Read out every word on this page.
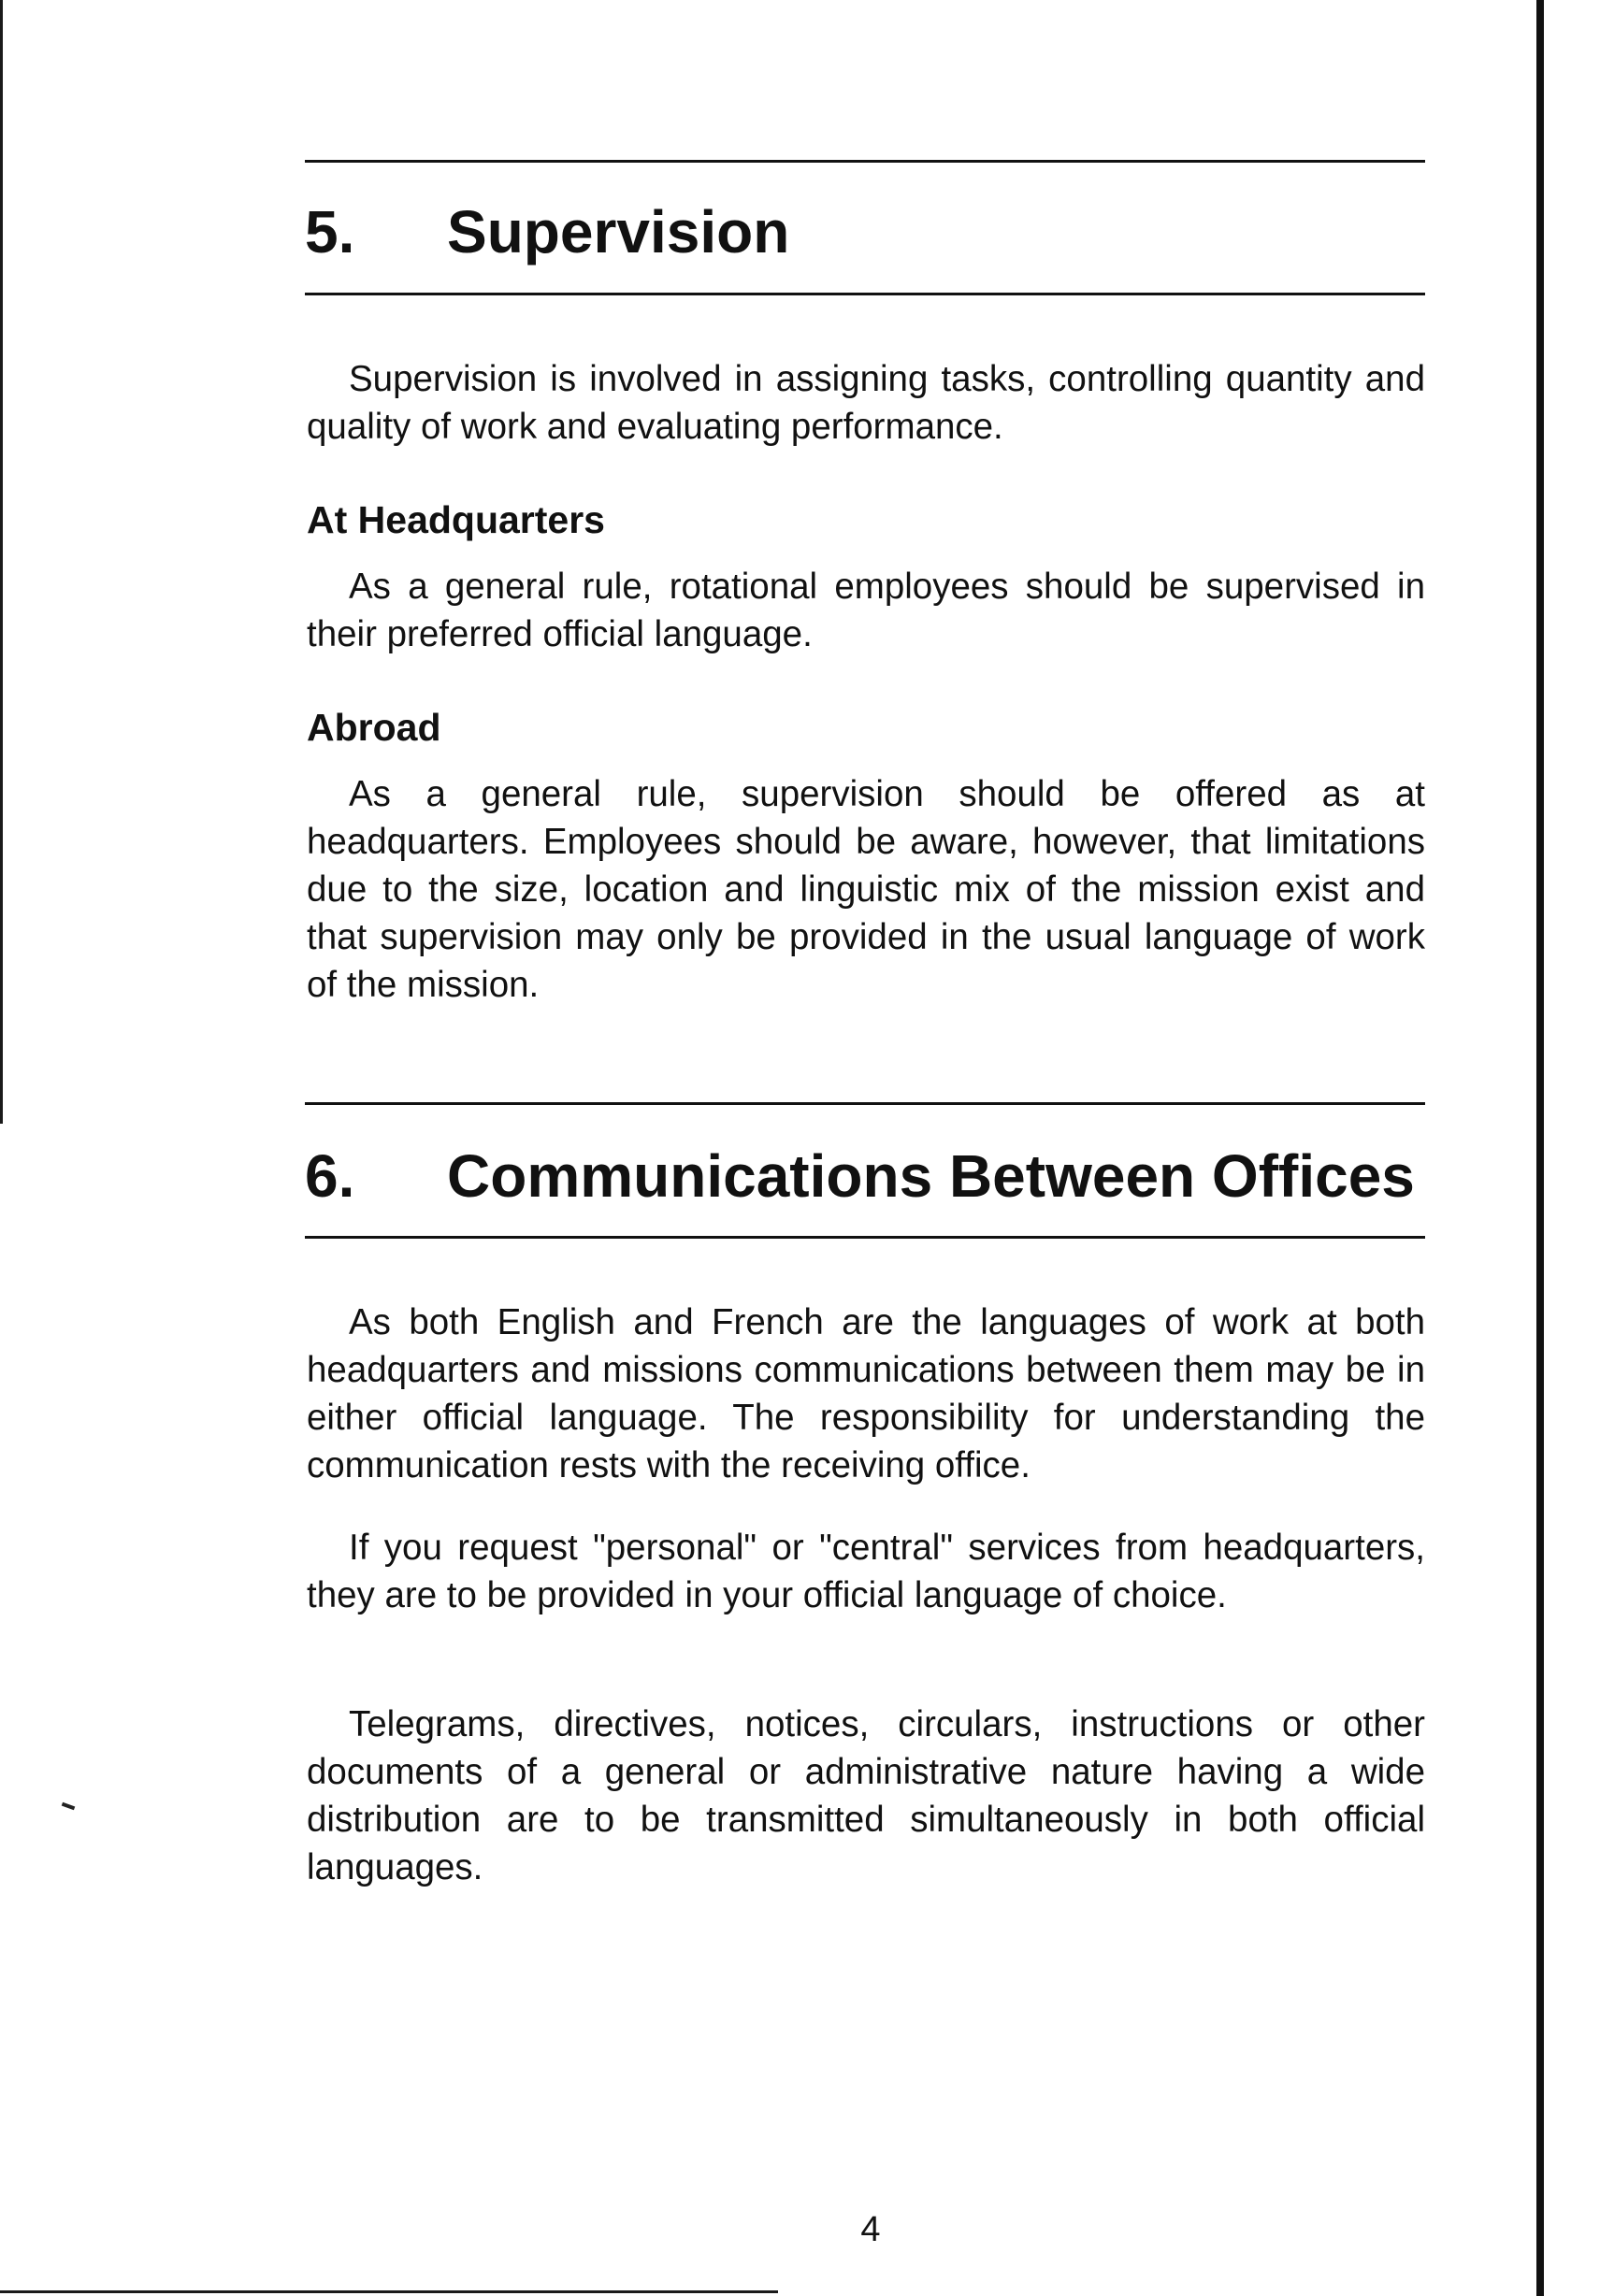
5. Supervision

Supervision is involved in assigning tasks, controlling quantity and quality of work and evaluating performance.

At Headquarters

As a general rule, rotational employees should be supervised in their preferred official language.

Abroad

As a general rule, supervision should be offered as at headquarters. Employees should be aware, however, that limitations due to the size, location and linguistic mix of the mission exist and that supervision may only be provided in the usual language of work of the mission.

6. Communications Between Offices

As both English and French are the languages of work at both headquarters and missions communications between them may be in either official language. The responsibility for understanding the communication rests with the receiving office.

If you request "personal" or "central" services from headquarters, they are to be provided in your official language of choice.

Telegrams, directives, notices, circulars, instructions or other documents of a general or administrative nature having a wide distribution are to be transmitted simultaneously in both official languages.

4
